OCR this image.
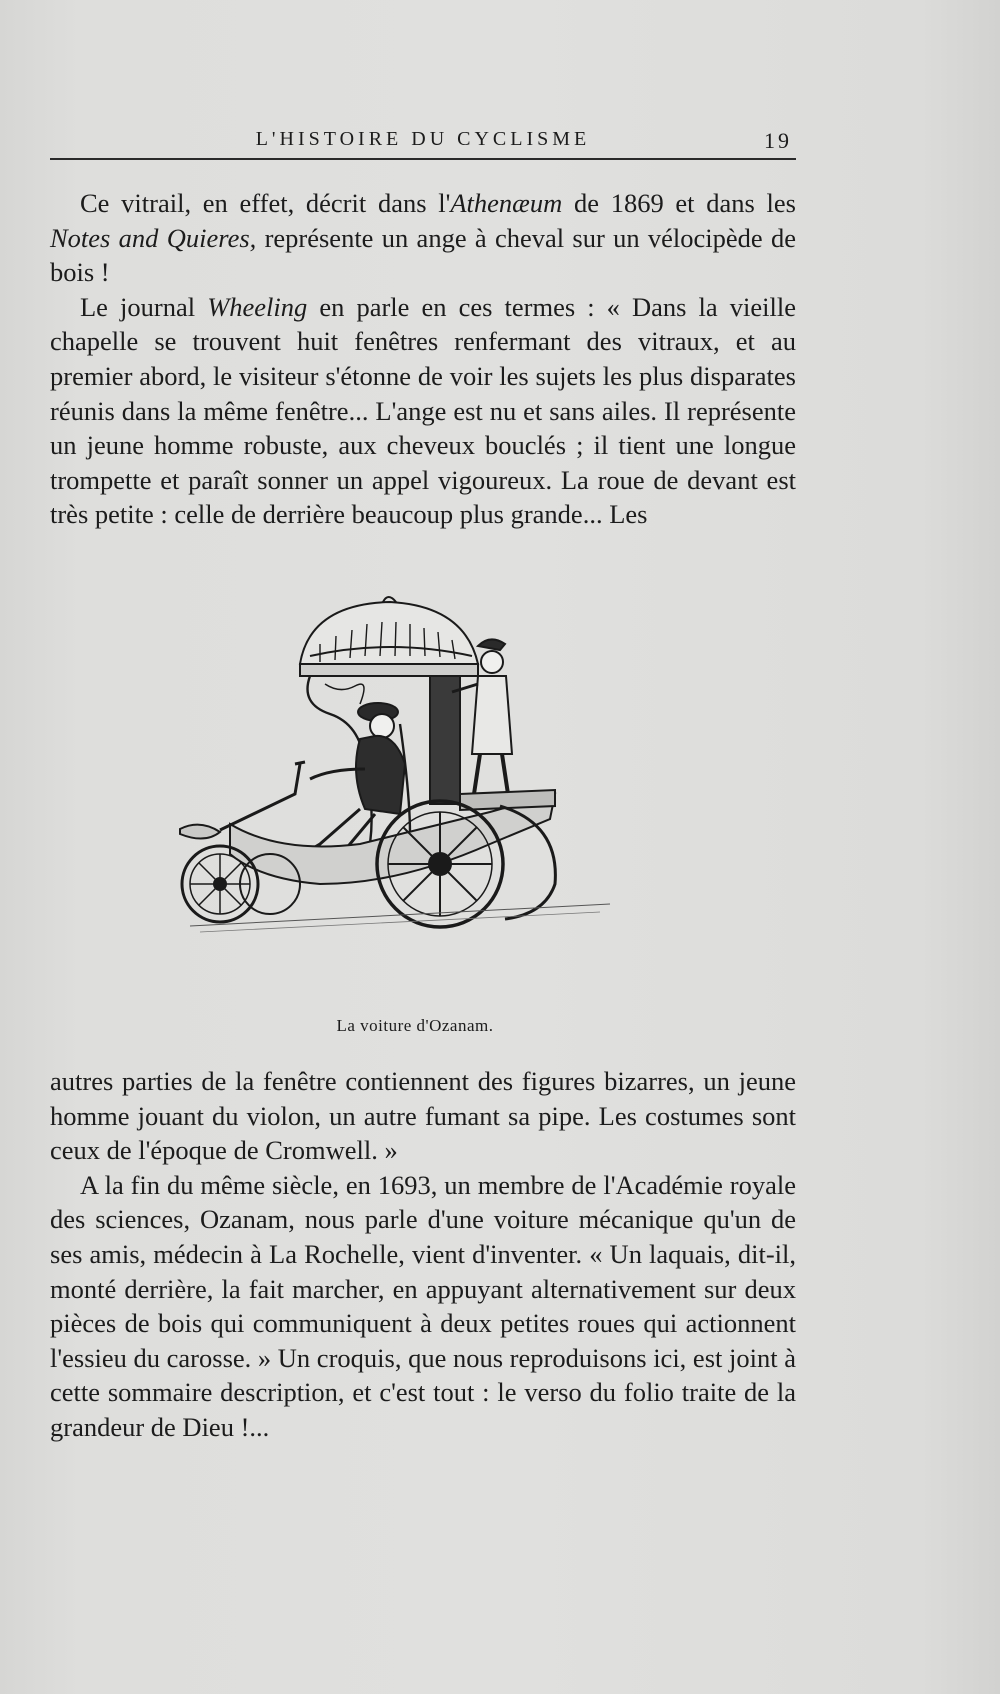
L'HISTOIRE DU CYCLISME	19

Ce vitrail, en effet, décrit dans l'Athenæum de 1869 et dans les Notes and Quieres, représente un ange à cheval sur un vélocipède de bois !

Le journal Wheeling en parle en ces termes : « Dans la vieille chapelle se trouvent huit fenêtres renfermant des vitraux, et au premier abord, le visiteur s'étonne de voir les sujets les plus disparates réunis dans la même fenêtre... L'ange est nu et sans ailes. Il représente un jeune homme robuste, aux cheveux bouclés ; il tient une longue trompette et paraît sonner un appel vigoureux. La roue de devant est très petite : celle de derrière beaucoup plus grande... Les

La voiture d'Ozanam.

autres parties de la fenêtre contiennent des figures bizarres, un jeune homme jouant du violon, un autre fumant sa pipe. Les costumes sont ceux de l'époque de Cromwell. »

A la fin du même siècle, en 1693, un membre de l'Académie royale des sciences, Ozanam, nous parle d'une voiture mécanique qu'un de ses amis, médecin à La Rochelle, vient d'inventer. « Un laquais, dit-il, monté derrière, la fait marcher, en appuyant alternativement sur deux pièces de bois qui communiquent à deux petites roues qui actionnent l'essieu du carosse. » Un croquis, que nous reproduisons ici, est joint à cette sommaire description, et c'est tout : le verso du folio traite de la grandeur de Dieu !...
